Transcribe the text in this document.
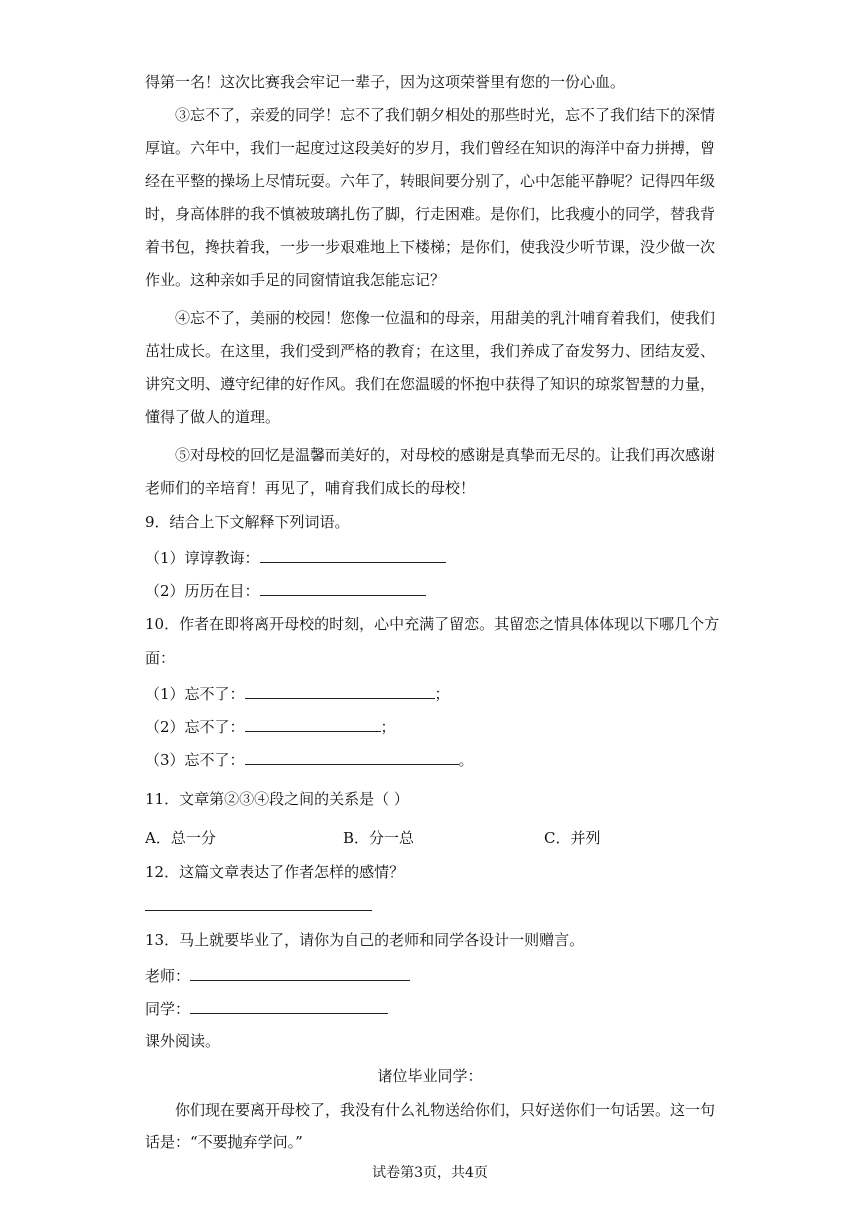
得第一名！这次比赛我会牢记一辈子，因为这项荣誉里有您的一份心血。
③忘不了，亲爱的同学！忘不了我们朝夕相处的那些时光，忘不了我们结下的深情
厚谊。六年中，我们一起度过这段美好的岁月，我们曾经在知识的海洋中奋力拼搏，曾
经在平整的操场上尽情玩耍。六年了，转眼间要分别了，心中怎能平静呢？记得四年级
时，身高体胖的我不慎被玻璃扎伤了脚，行走困难。是你们，比我瘦小的同学，替我背
着书包，搀扶着我，一步一步艰难地上下楼梯；是你们，使我没少听节课，没少做一次
作业。这种亲如手足的同窗情谊我怎能忘记？
④忘不了，美丽的校园！您像一位温和的母亲，用甜美的乳汁哺育着我们，使我们
茁壮成长。在这里，我们受到严格的教育；在这里，我们养成了奋发努力、团结友爱、
讲究文明、遵守纪律的好作风。我们在您温暖的怀抱中获得了知识的琼浆智慧的力量，
懂得了做人的道理。
⑤对母校的回忆是温馨而美好的，对母校的感谢是真挚而无尽的。让我们再次感谢
老师们的辛培育！再见了，哺育我们成长的母校！
9．结合上下文解释下列词语。
（1）谆谆教诲：
（2）历历在目：
10．作者在即将离开母校的时刻，心中充满了留恋。其留恋之情具体体现以下哪几个方
面：
（1）忘不了：	；
（2）忘不了：	；
（3）忘不了：	。
11．文章第②③④段之间的关系是（ ）
A．总一分	B．分一总	C．并列
12．这篇文章表达了作者怎样的感情？
13．马上就要毕业了，请你为自己的老师和同学各设计一则赠言。
老师：
同学：
课外阅读。
诸位毕业同学：
你们现在要离开母校了，我没有什么礼物送给你们，只好送你们一句话罢。这一句
话是：“不要抛弃学问。”
试卷第3页，共4页
